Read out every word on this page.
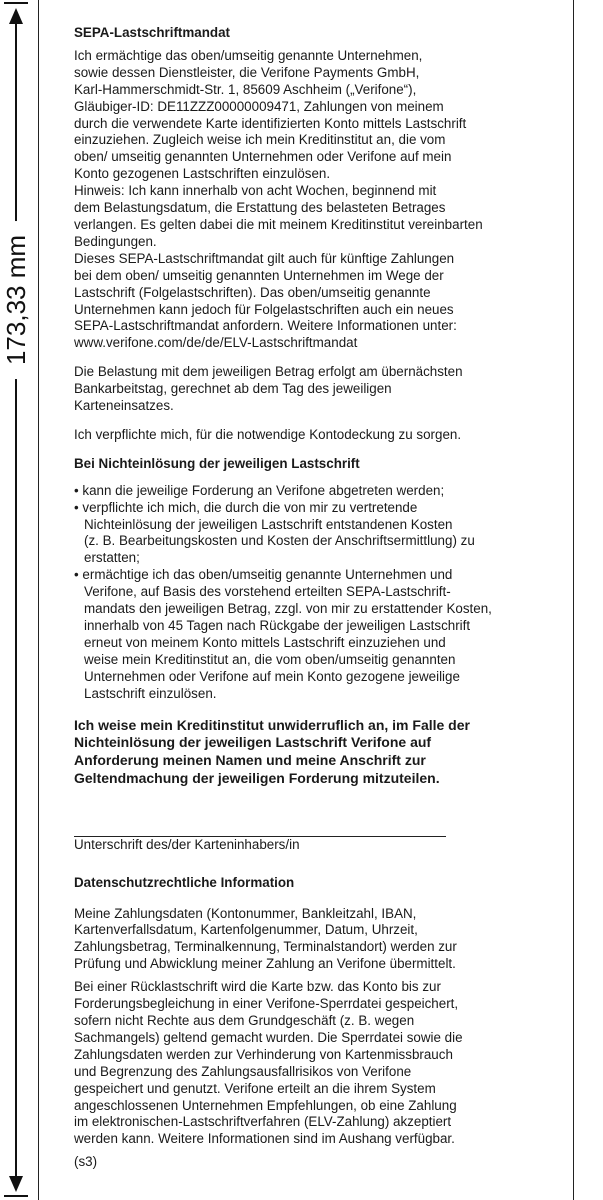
173,33 mm

SEPA-Lastschriftmandat

Ich ermächtige das oben/umseitig genannte Unternehmen,
sowie dessen Dienstleister, die Verifone Payments GmbH,
Karl-Hammerschmidt-Str. 1, 85609 Aschheim („Verifone“),
Gläubiger-ID: DE11ZZZ00000009471, Zahlungen von meinem
durch die verwendete Karte identifizierten Konto mittels Lastschrift
einzuziehen. Zugleich weise ich mein Kreditinstitut an, die vom
oben/ umseitig genannten Unternehmen oder Verifone auf mein
Konto gezogenen Lastschriften einzulösen.
Hinweis: Ich kann innerhalb von acht Wochen, beginnend mit
dem Belastungsdatum, die Erstattung des belasteten Betrages
verlangen. Es gelten dabei die mit meinem Kreditinstitut vereinbarten
Bedingungen.
Dieses SEPA-Lastschriftmandat gilt auch für künftige Zahlungen
bei dem oben/ umseitig genannten Unternehmen im Wege der
Lastschrift (Folgelastschriften). Das oben/umseitig genannte
Unternehmen kann jedoch für Folgelastschriften auch ein neues
SEPA-Lastschriftmandat anfordern. Weitere Informationen unter:
www.verifone.com/de/de/ELV-Lastschriftmandat
Die Belastung mit dem jeweiligen Betrag erfolgt am übernächsten
Bankarbeitstag, gerechnet ab dem Tag des jeweiligen
Karteneinsatzes.

Ich verpflichte mich, für die notwendige Kontodeckung zu sorgen.

Bei Nichteinlösung der jeweiligen Lastschrift

• kann die jeweilige Forderung an Verifone abgetreten werden;
• verpflichte ich mich, die durch die von mir zu vertretende
Nichteinlösung der jeweiligen Lastschrift entstandenen Kosten
(z. B. Bearbeitungskosten und Kosten der Anschriftsermittlung) zu
erstatten;
• ermächtige ich das oben/umseitig genannte Unternehmen und
Verifone, auf Basis des vorstehend erteilten SEPA-Lastschrift-
mandats den jeweiligen Betrag, zzgl. von mir zu erstattender Kosten,
innerhalb von 45 Tagen nach Rückgabe der jeweiligen Lastschrift
erneut von meinem Konto mittels Lastschrift einzuziehen und
weise mein Kreditinstitut an, die vom oben/umseitig genannten
Unternehmen oder Verifone auf mein Konto gezogene jeweilige
Lastschrift einzulösen.
Ich weise mein Kreditinstitut unwiderruflich an, im Falle der
Nichteinlösung der jeweiligen Lastschrift Verifone auf
Anforderung meinen Namen und meine Anschrift zur
Geltendmachung der jeweiligen Forderung mitzuteilen.

Unterschrift des/der Karteninhabers/in

Datenschutzrechtliche Information

Meine Zahlungsdaten (Kontonummer, Bankleitzahl, IBAN,
Kartenverfallsdatum, Kartenfolgenummer, Datum, Uhrzeit,
Zahlungsbetrag, Terminalkennung, Terminalstandort) werden zur
Prüfung und Abwicklung meiner Zahlung an Verifone übermittelt.
Bei einer Rücklastschrift wird die Karte bzw. das Konto bis zur
Forderungsbegleichung in einer Verifone-Sperrdatei gespeichert,
sofern nicht Rechte aus dem Grundgeschäft (z. B. wegen
Sachmangels) geltend gemacht wurden. Die Sperrdatei sowie die
Zahlungsdaten werden zur Verhinderung von Kartenmissbrauch
und Begrenzung des Zahlungsausfallrisikos von Verifone
gespeichert und genutzt. Verifone erteilt an die ihrem System
angeschlossenen Unternehmen Empfehlungen, ob eine Zahlung
im elektronischen-Lastschriftverfahren (ELV-Zahlung) akzeptiert
werden kann. Weitere Informationen sind im Aushang verfügbar.

(s3)
